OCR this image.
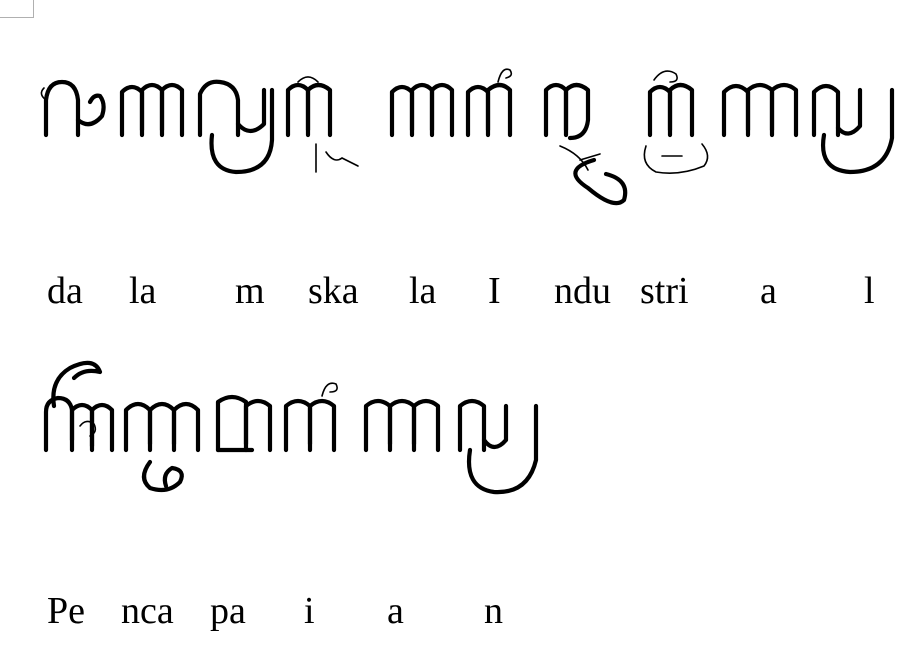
da la m ska la I ndu stri a l
Pe nca pa i a n
